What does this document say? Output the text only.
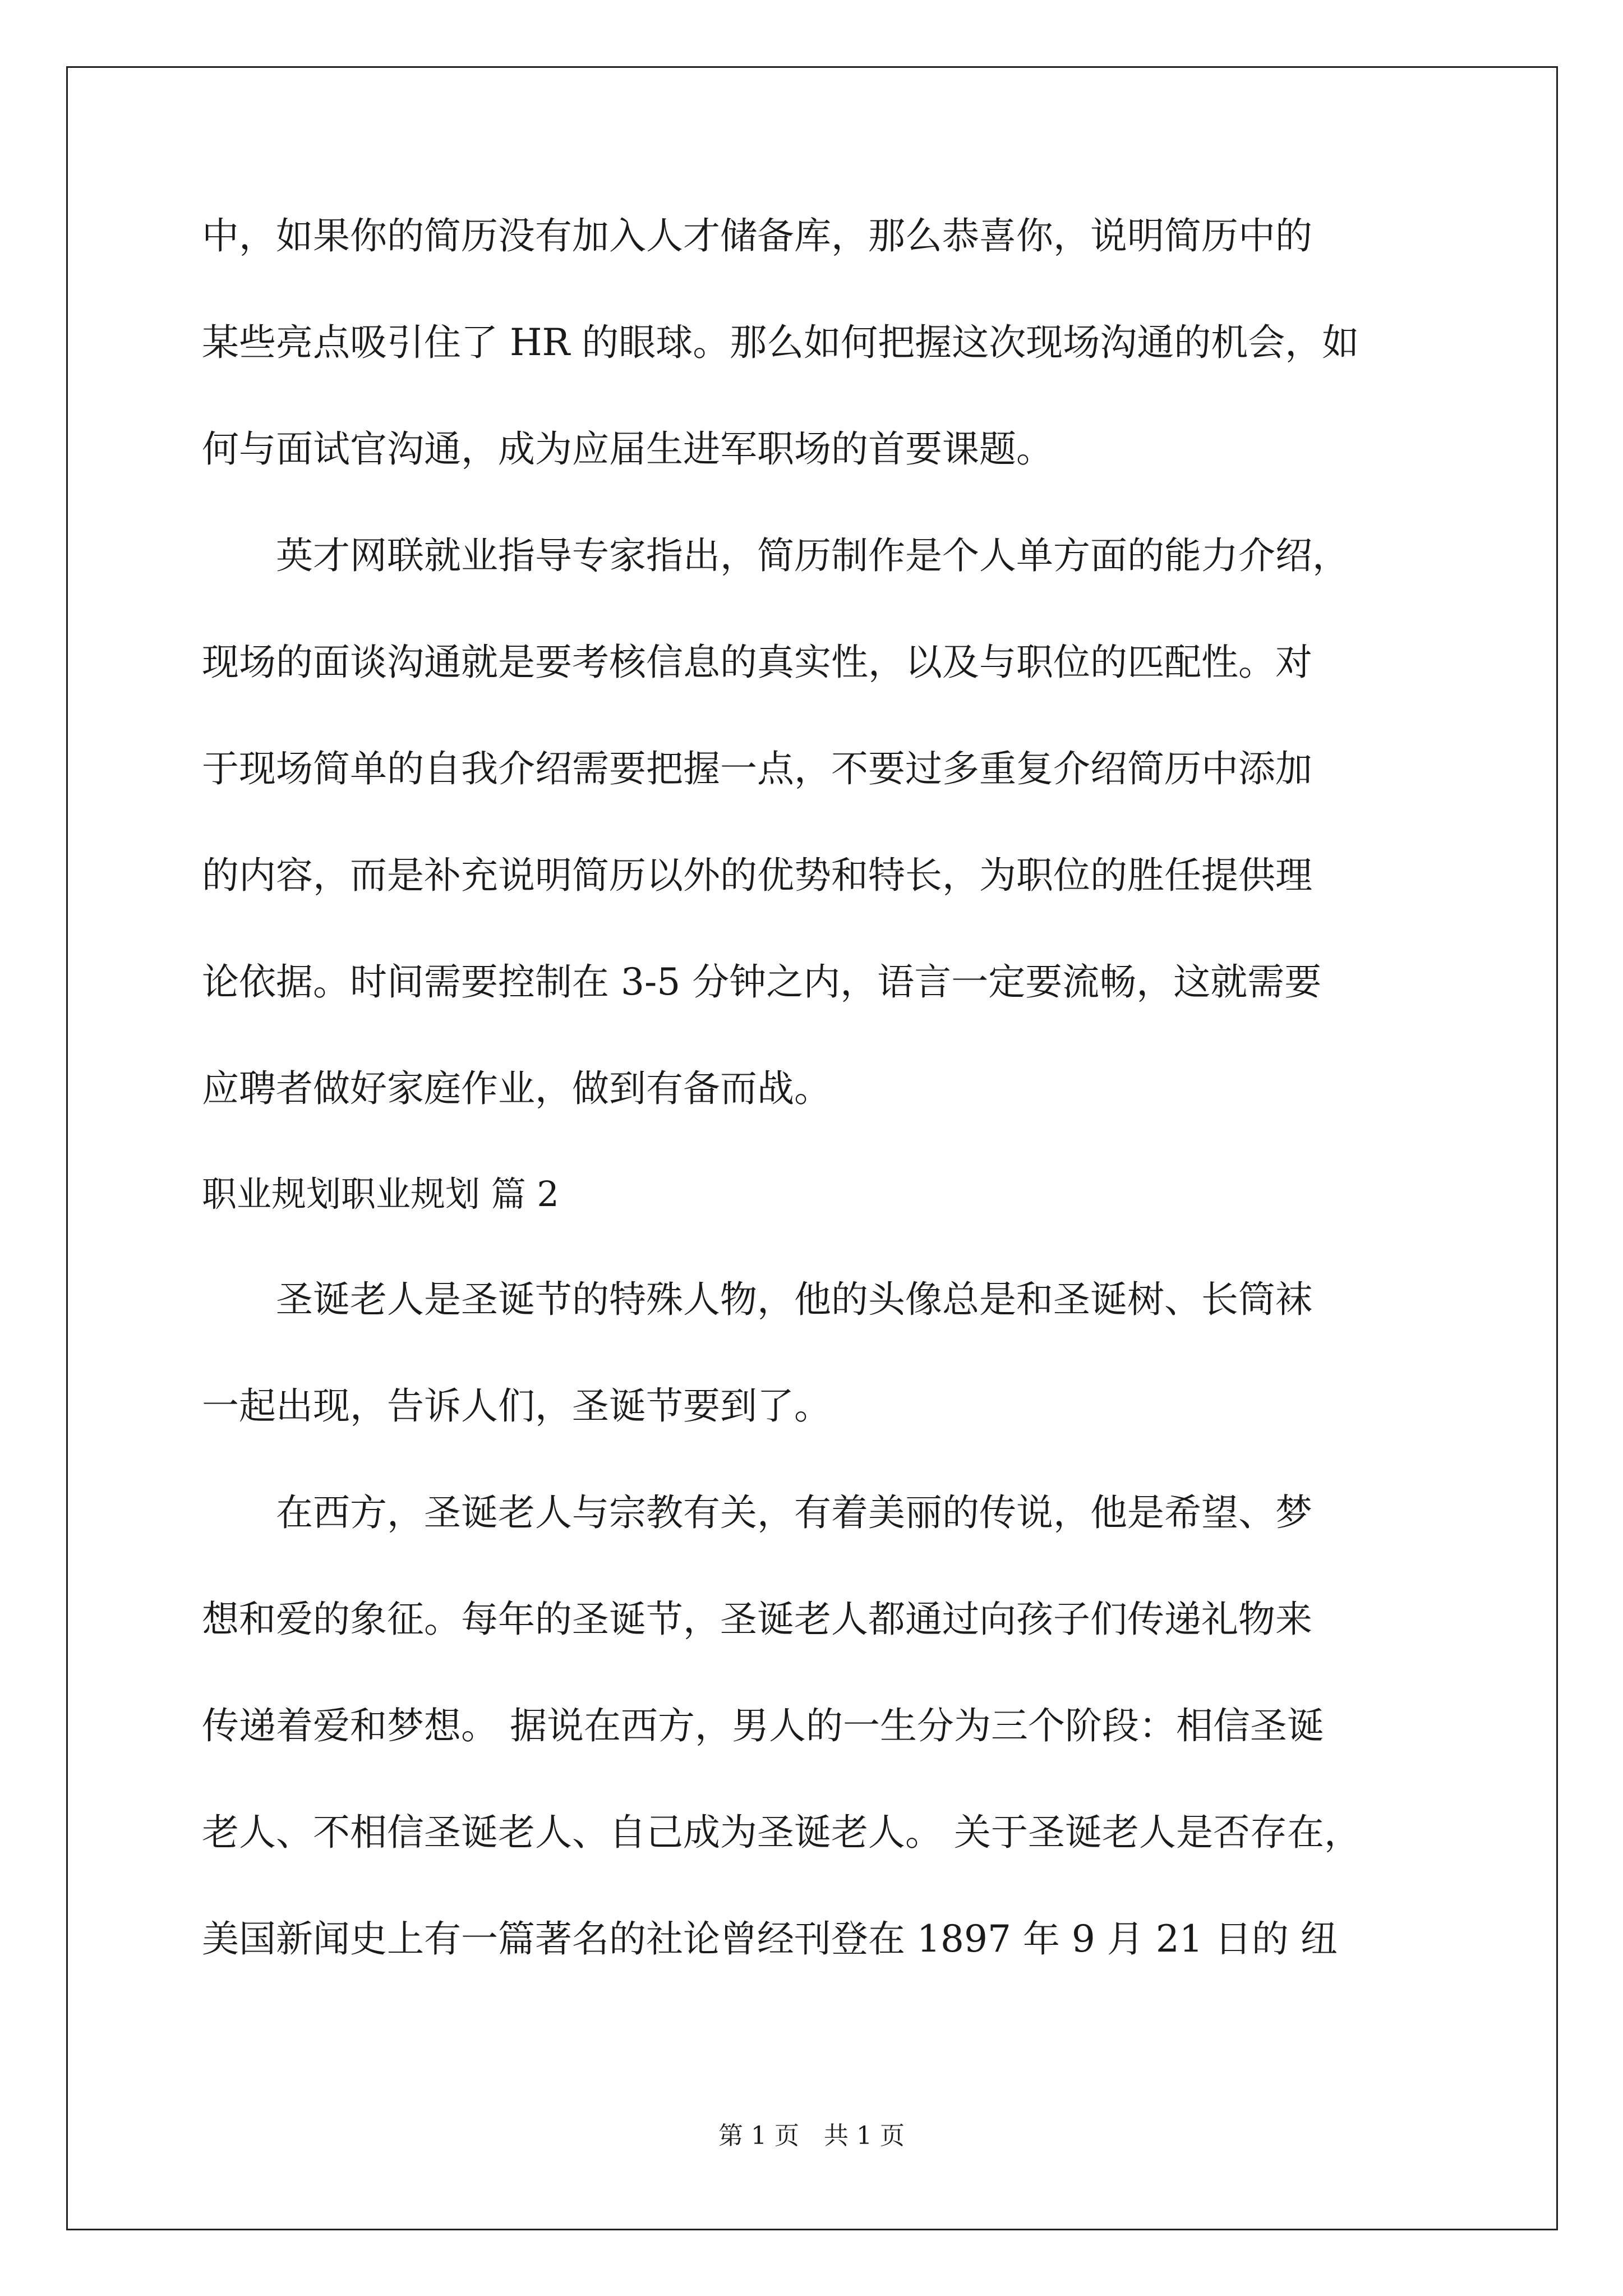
中，如果你的简历没有加入人才储备库，那么恭喜你，说明简历中的
某些亮点吸引住了 HR 的眼球。那么如何把握这次现场沟通的机会，如
何与面试官沟通，成为应届生进军职场的首要课题。
　　英才网联就业指导专家指出，简历制作是个人单方面的能力介绍，
现场的面谈沟通就是要考核信息的真实性，以及与职位的匹配性。对
于现场简单的自我介绍需要把握一点，不要过多重复介绍简历中添加
的内容，而是补充说明简历以外的优势和特长，为职位的胜任提供理
论依据。时间需要控制在 3-5 分钟之内，语言一定要流畅，这就需要
应聘者做好家庭作业，做到有备而战。
职业规划职业规划 篇 2
　　圣诞老人是圣诞节的特殊人物，他的头像总是和圣诞树、长筒袜
一起出现，告诉人们，圣诞节要到了。
　　在西方，圣诞老人与宗教有关，有着美丽的传说，他是希望、梦
想和爱的象征。每年的圣诞节，圣诞老人都通过向孩子们传递礼物来
传递着爱和梦想。 据说在西方，男人的一生分为三个阶段：相信圣诞
老人、不相信圣诞老人、自己成为圣诞老人。 关于圣诞老人是否存在，
美国新闻史上有一篇著名的社论曾经刊登在 1897 年 9 月 21 日的 纽
第 1 页 共 1 页
